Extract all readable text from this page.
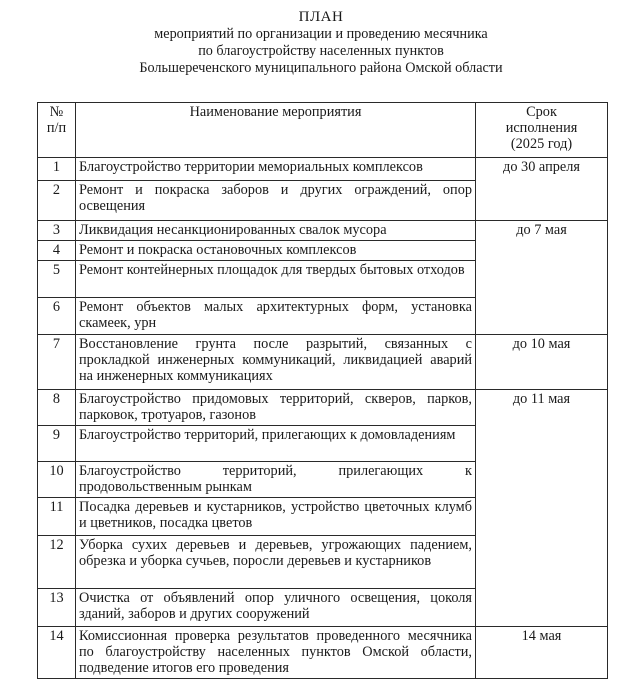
ПЛАН
мероприятий по организации и проведению месячника
по благоустройству населенных пунктов
Большереченского муниципального района Омской области
№
п/п	Наименование мероприятия	Срок
исполнения
(2025 год)

1	Благоустройство территории мемориальных комплексов	до 30 апреля
2	Ремонт и покраска заборов и других ограждений, опор освещения	
3	Ликвидация несанкционированных свалок мусора	до 7 мая
4	Ремонт и покраска остановочных комплексов	
5	Ремонт контейнерных площадок для твердых бытовых отходов	
6	Ремонт объектов малых архитектурных форм, установка скамеек, урн	
7	Восстановление грунта после разрытий, связанных с прокладкой инженерных коммуникаций, ликвидацией аварий на инженерных коммуникациях	до 10 мая
8	Благоустройство придомовых территорий, скверов, парков, парковок, тротуаров, газонов	до 11 мая
9	Благоустройство территорий, прилегающих к домовладениям	
10	Благоустройство территорий, прилегающих к продовольственным рынкам	
11	Посадка деревьев и кустарников, устройство цветочных клумб и цветников, посадка цветов	
12	Уборка сухих деревьев и деревьев, угрожающих падением, обрезка и уборка сучьев, поросли деревьев и кустарников	
13	Очистка от объявлений опор уличного освещения, цоколя зданий, заборов и других сооружений	
14	Комиссионная проверка результатов проведенного месячника по благоустройству населенных пунктов Омской области, подведение итогов его проведения	14 мая
